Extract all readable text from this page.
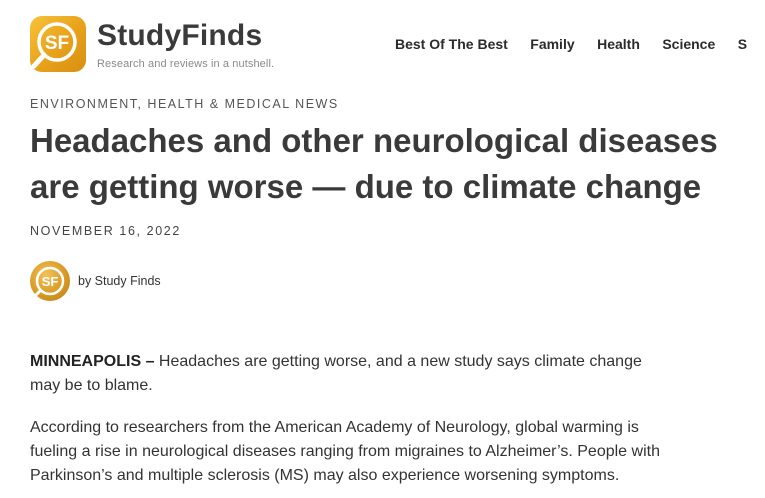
SF StudyFinds
Research and reviews in a nutshell.
Best Of The Best Family Health Science S
ENVIRONMENT, HEALTH & MEDICAL NEWS
Headaches and other neurological diseases
are getting worse — due to climate change
NOVEMBER 16, 2022
SF by Study Finds

MINNEAPOLIS – Headaches are getting worse, and a new study says climate change
may be to blame.

According to researchers from the American Academy of Neurology, global warming is
fueling a rise in neurological diseases ranging from migraines to Alzheimer’s. People with
Parkinson’s and multiple sclerosis (MS) may also experience worsening symptoms.
